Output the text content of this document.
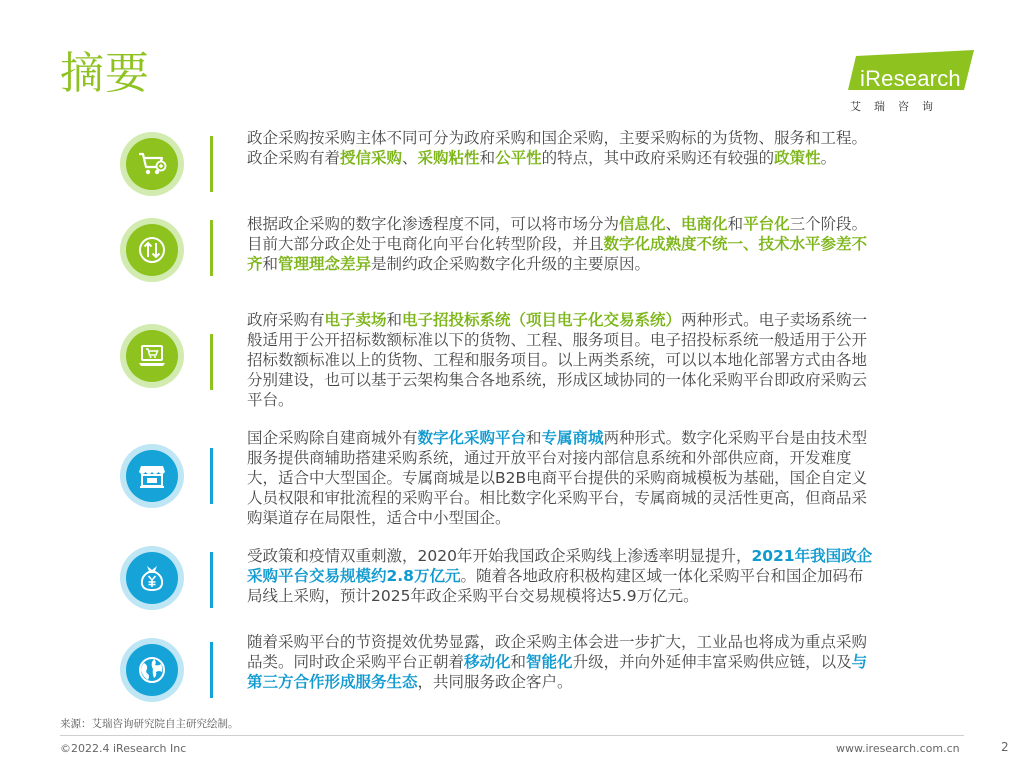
摘要	iResearch
艾瑞咨询

政企采购按采购主体不同可分为政府采购和国企采购，主要采购标的为货物、服务和工程。政企采购有着授信采购、采购粘性和公平性的特点，其中政府采购还有较强的政策性。

根据政企采购的数字化渗透程度不同，可以将市场分为信息化、电商化和平台化三个阶段。目前大部分政企处于电商化向平台化转型阶段，并且数字化成熟度不统一、技术水平参差不齐和管理理念差异是制约政企采购数字化升级的主要原因。

政府采购有电子卖场和电子招投标系统（项目电子化交易系统）两种形式。电子卖场系统一般适用于公开招标数额标准以下的货物、工程、服务项目。电子招投标系统一般适用于公开招标数额标准以上的货物、工程和服务项目。以上两类系统，可以以本地化部署方式由各地分别建设，也可以基于云架构集合各地系统，形成区域协同的一体化采购平台即政府采购云平台。

国企采购除自建商城外有数字化采购平台和专属商城两种形式。数字化采购平台是由技术型服务提供商辅助搭建采购系统，通过开放平台对接内部信息系统和外部供应商，开发难度大，适合中大型国企。专属商城是以B2B电商平台提供的采购商城模板为基础，国企自定义人员权限和审批流程的采购平台。相比数字化采购平台，专属商城的灵活性更高，但商品采购渠道存在局限性，适合中小型国企。

受政策和疫情双重刺激，2020年开始我国政企采购线上渗透率明显提升，2021年我国政企采购平台交易规模约2.8万亿元。随着各地政府积极构建区域一体化采购平台和国企加码布局线上采购，预计2025年政企采购平台交易规模将达5.9万亿元。

随着采购平台的节资提效优势显露，政企采购主体会进一步扩大，工业品也将成为重点采购品类。同时政企采购平台正朝着移动化和智能化升级，并向外延伸丰富采购供应链，以及与第三方合作形成服务生态，共同服务政企客户。

来源：艾瑞咨询研究院自主研究绘制。
©2022.4 iResearch Inc	www.iresearch.com.cn	2
